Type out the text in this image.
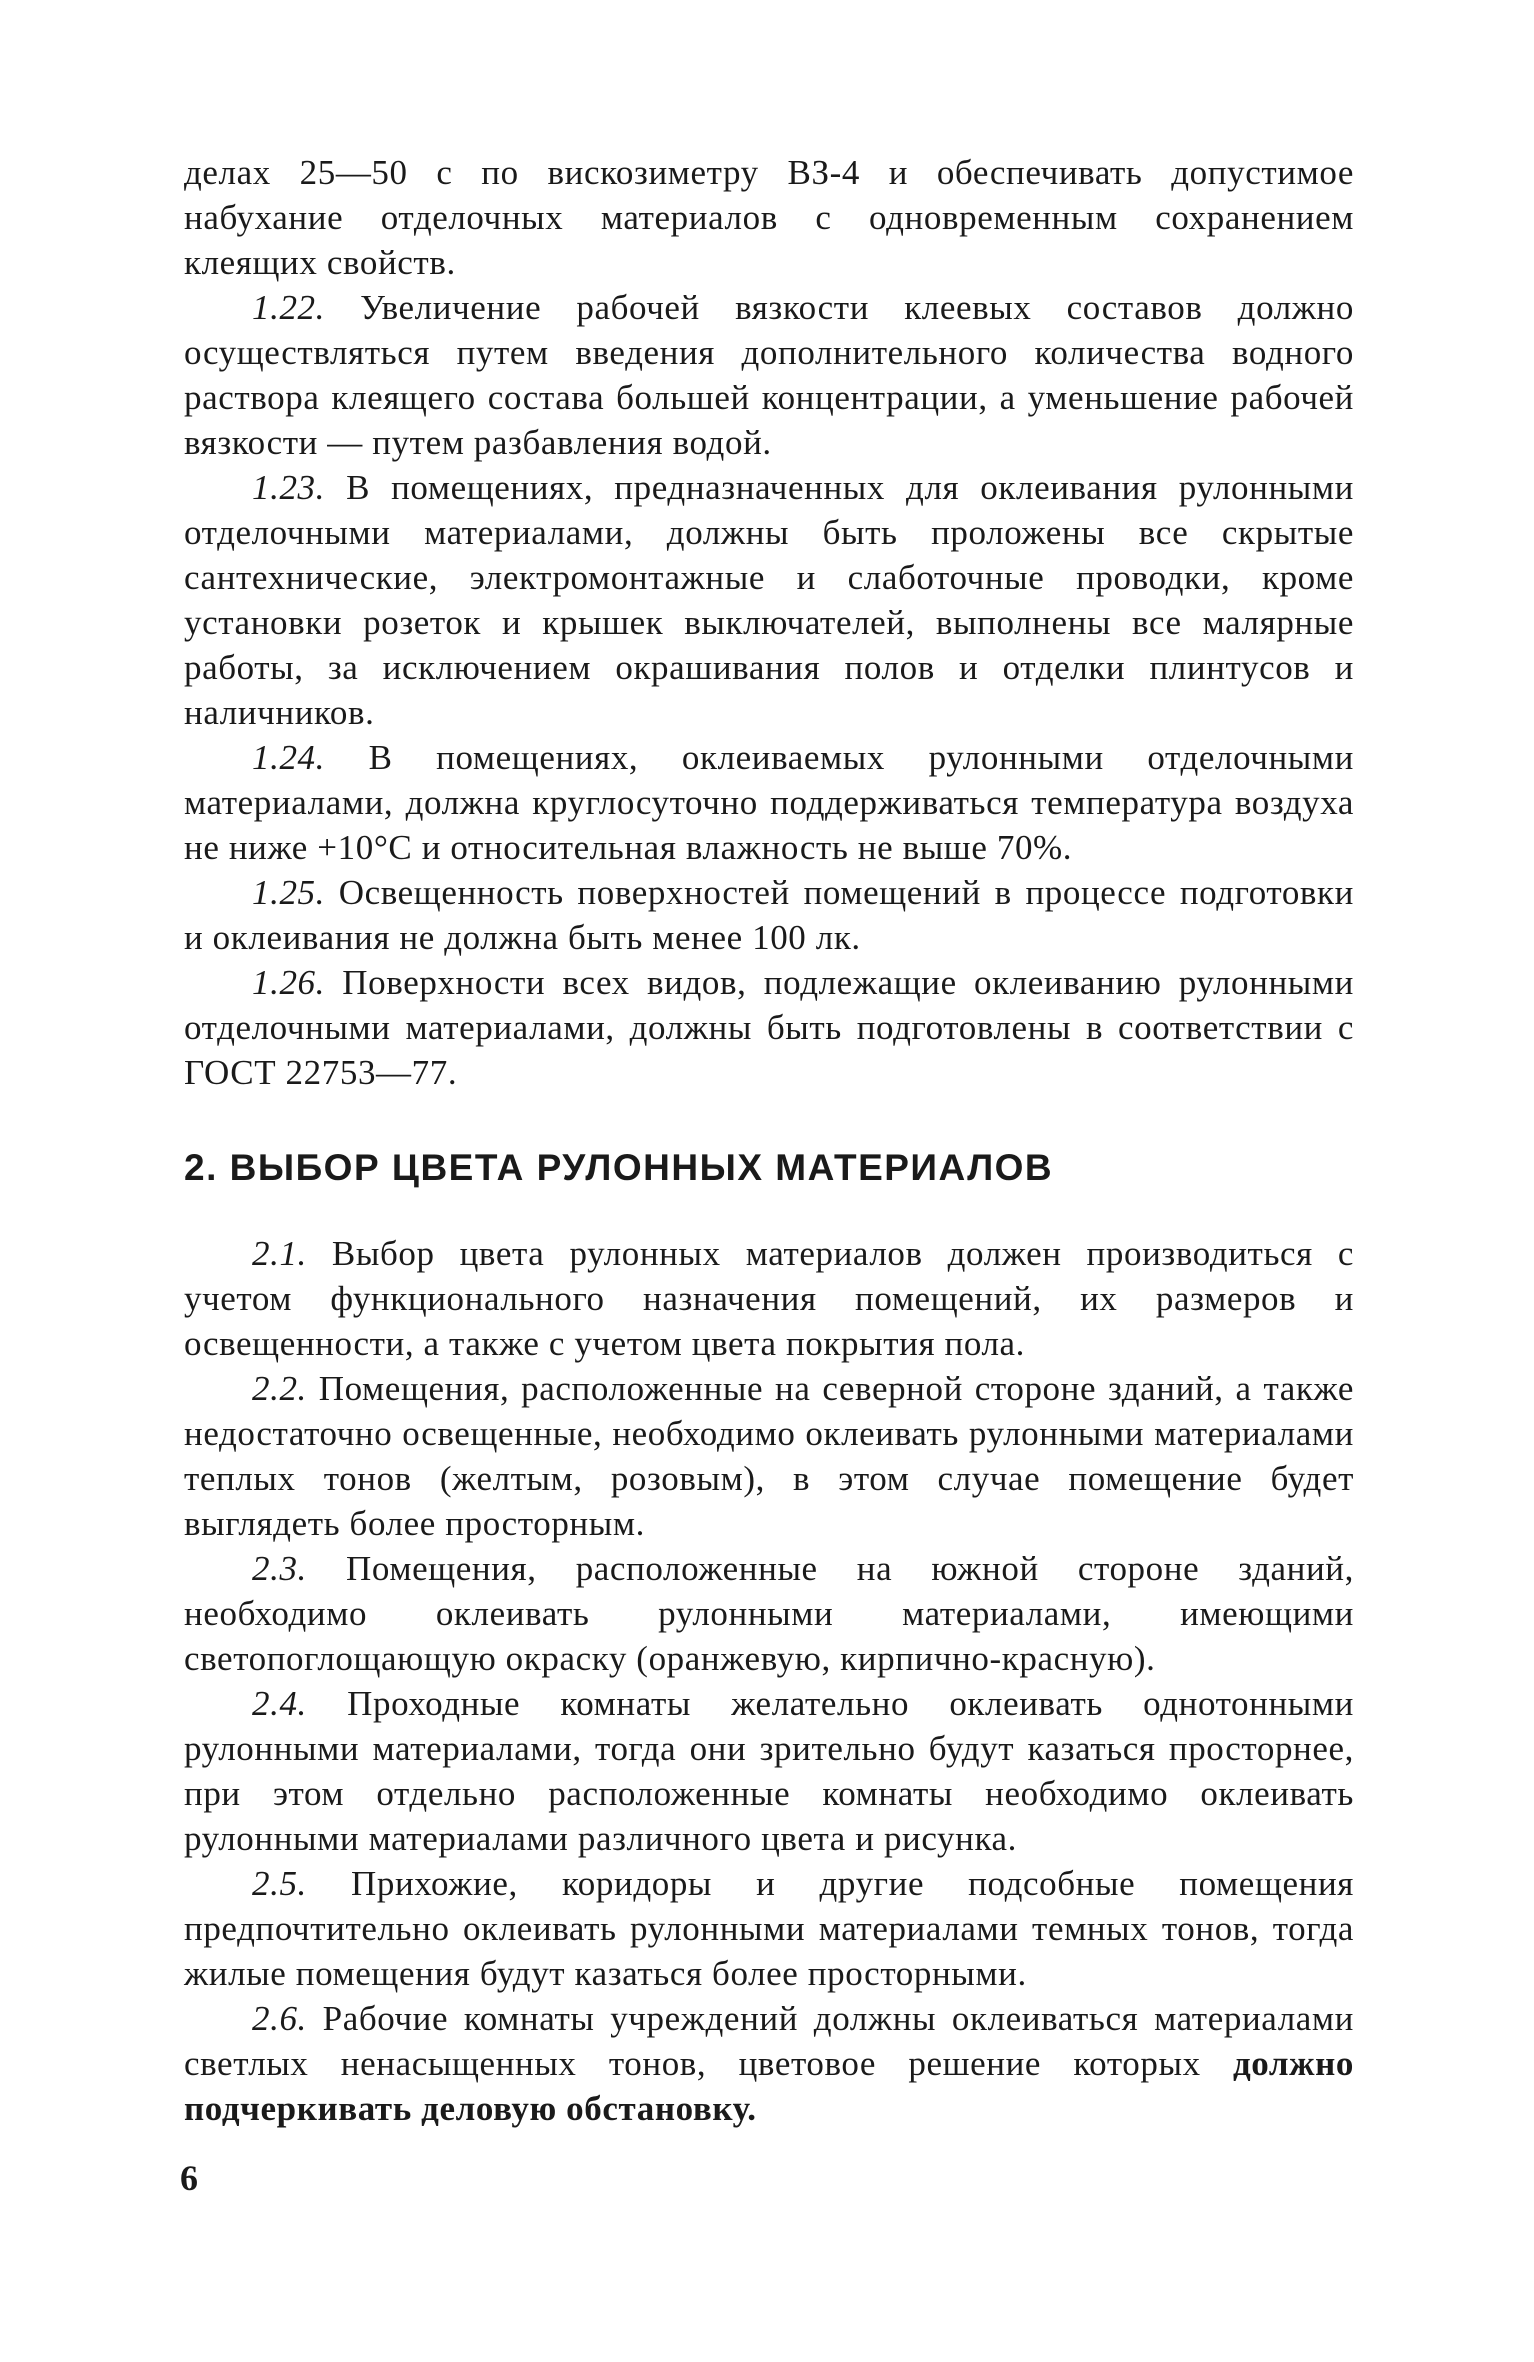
делах 25—50 с по вискозиметру ВЗ-4 и обеспечивать допустимое набухание отделочных материалов с одновременным сохранением клеящих свойств.

1.22. Увеличение рабочей вязкости клеевых составов должно осуществляться путем введения дополнительного количества водного раствора клеящего состава большей концентрации, а уменьшение рабочей вязкости — путем разбавления водой.

1.23. В помещениях, предназначенных для оклеивания рулонными отделочными материалами, должны быть проложены все скрытые сантехнические, электромонтажные и слаботочные проводки, кроме установки розеток и крышек выключателей, выполнены все малярные работы, за исключением окрашивания полов и отделки плинтусов и наличников.

1.24. В помещениях, оклеиваемых рулонными отделочными материалами, должна круглосуточно поддерживаться температура воздуха не ниже +10°C и относительная влажность не выше 70%.

1.25. Освещенность поверхностей помещений в процессе подготовки и оклеивания не должна быть менее 100 лк.

1.26. Поверхности всех видов, подлежащие оклеиванию рулонными отделочными материалами, должны быть подготовлены в соответствии с ГОСТ 22753—77.

2. ВЫБОР ЦВЕТА РУЛОННЫХ МАТЕРИАЛОВ

2.1. Выбор цвета рулонных материалов должен производиться с учетом функционального назначения помещений, их размеров и освещенности, а также с учетом цвета покрытия пола.

2.2. Помещения, расположенные на северной стороне зданий, а также недостаточно освещенные, необходимо оклеивать рулонными материалами теплых тонов (желтым, розовым), в этом случае помещение будет выглядеть более просторным.

2.3. Помещения, расположенные на южной стороне зданий, необходимо оклеивать рулонными материалами, имеющими светопоглощающую окраску (оранжевую, кирпично-красную).

2.4. Проходные комнаты желательно оклеивать однотонными рулонными материалами, тогда они зрительно будут казаться просторнее, при этом отдельно расположенные комнаты необходимо оклеивать рулонными материалами различного цвета и рисунка.

2.5. Прихожие, коридоры и другие подсобные помещения предпочтительно оклеивать рулонными материалами темных тонов, тогда жилые помещения будут казаться более просторными.

2.6. Рабочие комнаты учреждений должны оклеиваться материалами светлых ненасыщенных тонов, цветовое решение которых должно подчеркивать деловую обстановку.

6
